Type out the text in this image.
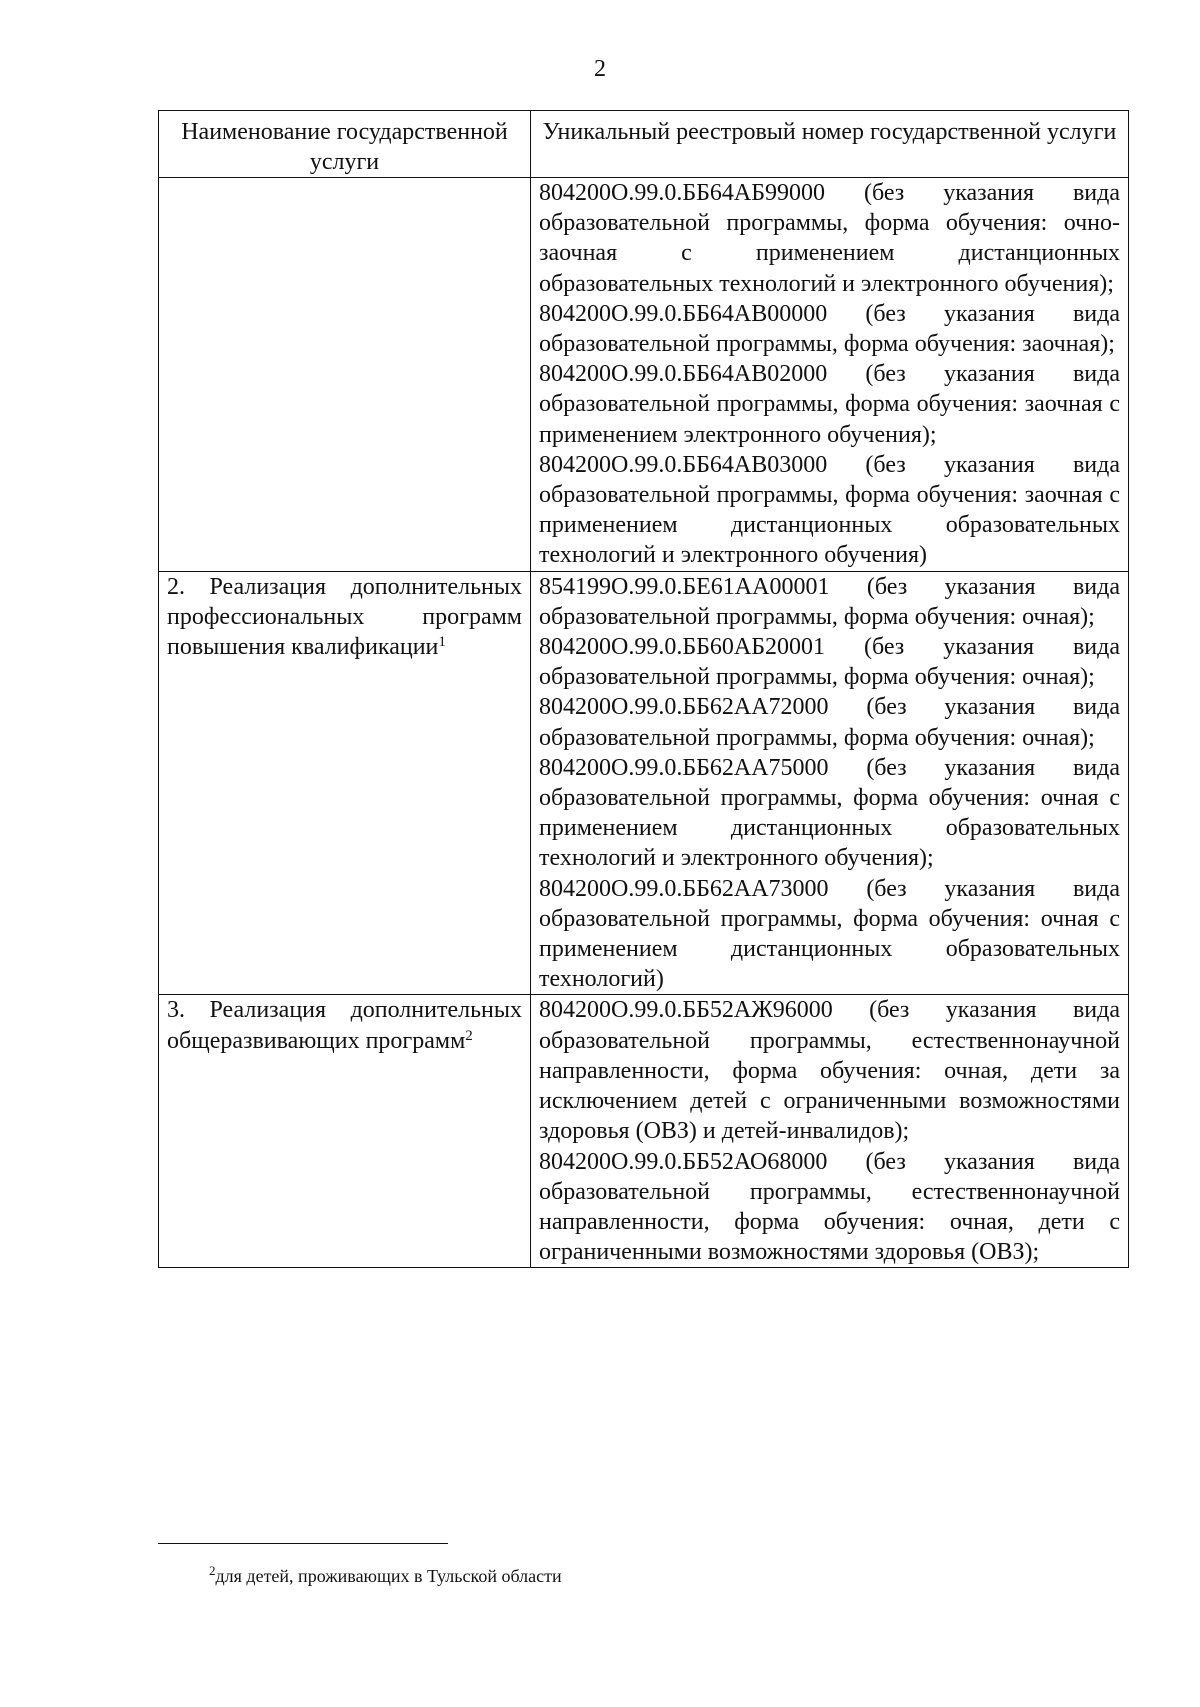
2
Наименование государственной услуги	Уникальный реестровый номер государственной услуги

	804200О.99.0.ББ64АБ99000 (без указания вида образовательной программы, форма обучения: очно-заочная с применением дистанционных образовательных технологий и электронного обучения);
804200О.99.0.ББ64АВ00000 (без указания вида образовательной программы, форма обучения: заочная);
804200О.99.0.ББ64АВ02000 (без указания вида образовательной программы, форма обучения: заочная с применением электронного обучения);
804200О.99.0.ББ64АВ03000 (без указания вида образовательной программы, форма обучения: заочная с применением дистанционных образовательных технологий и электронного обучения)

2. Реализация дополнительных профессиональных программ повышения квалификации$^1$	854199О.99.0.БЕ61АА00001 (без указания вида образовательной программы, форма обучения: очная);
804200О.99.0.ББ60АБ20001 (без указания вида образовательной программы, форма обучения: очная);
804200О.99.0.ББ62АА72000 (без указания вида образовательной программы, форма обучения: очная);
804200О.99.0.ББ62АА75000 (без указания вида образовательной программы, форма обучения: очная с применением дистанционных образовательных технологий и электронного обучения);
804200О.99.0.ББ62АА73000 (без указания вида образовательной программы, форма обучения: очная с применением дистанционных образовательных технологий)

3. Реализация дополнительных общеразвивающих программ$^2$	804200О.99.0.ББ52АЖ96000 (без указания вида образовательной программы, естественнонаучной направленности, форма обучения: очная, дети за исключением детей с ограниченными возможностями здоровья (ОВЗ) и детей-инвалидов);
804200О.99.0.ББ52АО68000 (без указания вида образовательной программы, естественнонаучной направленности, форма обучения: очная, дети с ограниченными возможностями здоровья (ОВЗ);
$^2$для детей, проживающих в Тульской области
